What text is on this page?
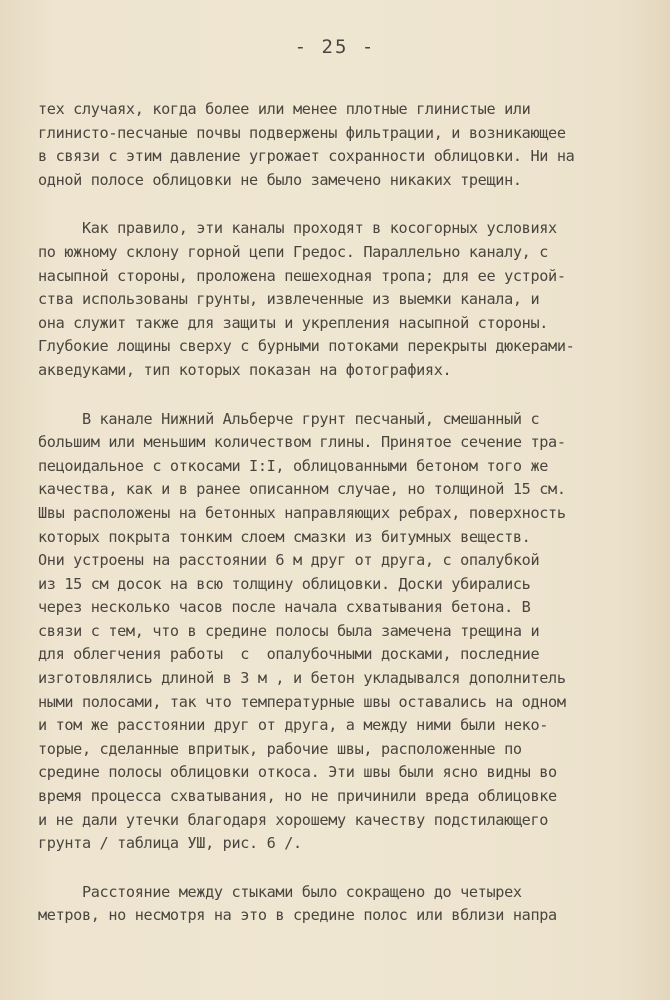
- 25 -
тех случаях, когда более или менее плотные глинистые или
глинисто-песчаные почвы подвержены фильтрации, и возникающее
в связи с этим давление угрожает сохранности облицовки. Ни на
одной полосе облицовки не было замечено никаких трещин.
Как правило, эти каналы проходят в косогорных условиях
по южному склону горной цепи Гредос. Параллельно каналу, с
насыпной стороны, проложена пешеходная тропа; для ее устрой-
ства использованы грунты, извлеченные из выемки канала, и
она служит также для защиты и укрепления насыпной стороны.
Глубокие лощины сверху с бурными потоками перекрыты дюкерами-
акведуками, тип которых показан на фотографиях.
В канале Нижний Альберче грунт песчаный, смешанный с
большим или меньшим количеством глины. Принятое сечение тра-
пецоидальное с откосами I:I, облицованными бетоном того же
качества, как и в ранее описанном случае, но толщиной 15 см.
Швы расположены на бетонных направляющих ребрах, поверхность
которых покрыта тонким слоем смазки из битумных веществ.
Они устроены на расстоянии 6 м друг от друга, с опалубкой
из 15 см досок на всю толщину облицовки. Доски убирались
через несколько часов после начала схватывания бетона. В
связи с тем, что в средине полосы была замечена трещина и
для облегчения работы  с  опалубочными досками, последние
изготовлялись длиной в 3 м , и бетон укладывался дополнитель
ными полосами, так что температурные швы оставались на одном
и том же расстоянии друг от друга, а между ними были неко-
торые, сделанные впритык, рабочие швы, расположенные по
средине полосы облицовки откоса. Эти швы были ясно видны во
время процесса схватывания, но не причинили вреда облицовке
и не дали утечки благодаря хорошему качеству подстилающего
грунта / таблица УШ, рис. 6 /.
Расстояние между стыками было сокращено до четырех
метров, но несмотря на это в средине полос или вблизи напра
